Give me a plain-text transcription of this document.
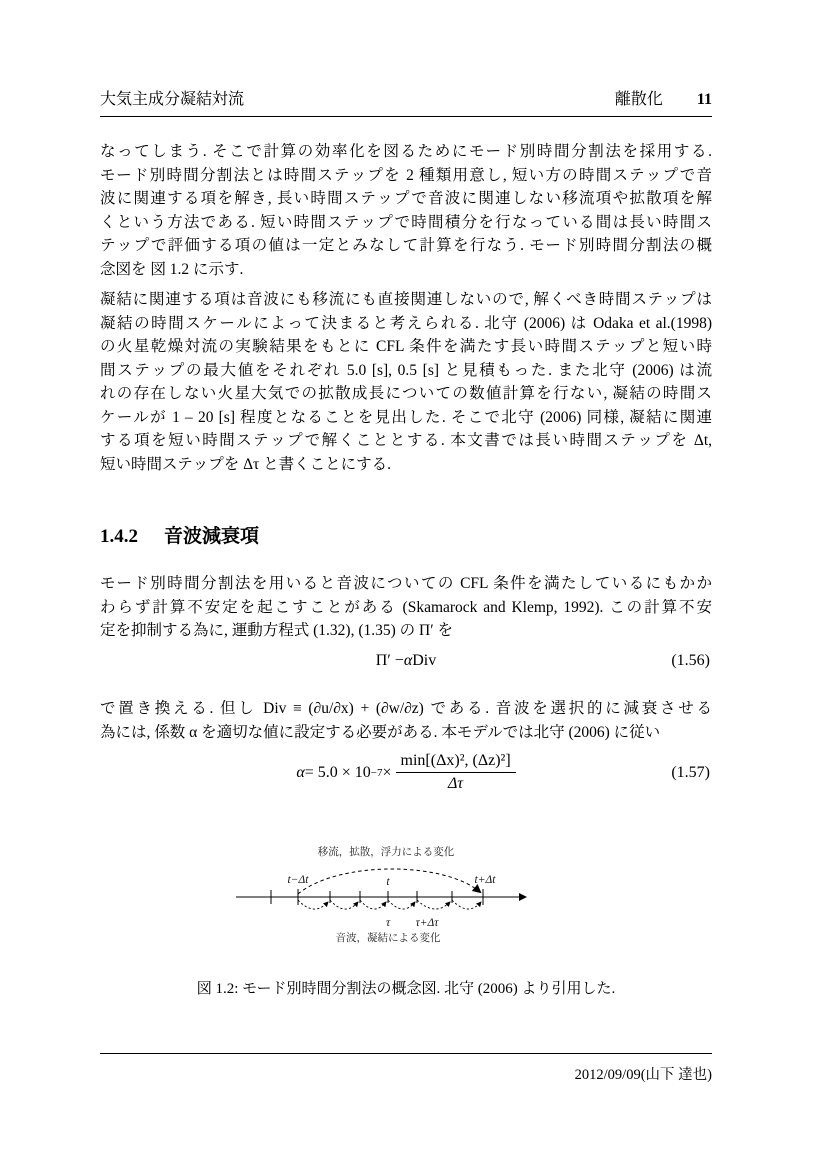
大気主成分凝結対流	離散化 11
なってしまう. そこで計算の効率化を図るためにモード別時間分割法を採用する.
モード別時間分割法とは時間ステップを 2 種類用意し, 短い方の時間ステップで音
波に関連する項を解き, 長い時間ステップで音波に関連しない移流項や拡散項を解
くという方法である. 短い時間ステップで時間積分を行なっている間は長い時間ス
テップで評価する項の値は一定とみなして計算を行なう. モード別時間分割法の概
念図を 図 1.2 に示す.
凝結に関連する項は音波にも移流にも直接関連しないので, 解くべき時間ステップは
凝結の時間スケールによって決まると考えられる. 北守 (2006) は Odaka et al.(1998)
の火星乾燥対流の実験結果をもとに CFL 条件を満たす長い時間ステップと短い時
間ステップの最大値をそれぞれ 5.0 [s], 0.5 [s] と見積もった. また北守 (2006) は流
れの存在しない火星大気での拡散成長についての数値計算を行ない, 凝結の時間ス
ケールが 1 – 20 [s] 程度となることを見出した. そこで北守 (2006) 同様, 凝結に関連
する項を短い時間ステップで解くこととする. 本文書では長い時間ステップを Δt,
短い時間ステップを Δτ と書くことにする.
1.4.2 音波減衰項
モード別時間分割法を用いると音波についての CFL 条件を満たしているにもかか
わらず計算不安定を起こすことがある (Skamarock and Klemp, 1992). この計算不安
定を抑制する為に, 運動方程式 (1.32), (1.35) の Π′ を
Π′ − α Div	(1.56)
で置き換える. 但し Div ≡ (∂u/∂x) + (∂w/∂z) である. 音波を選択的に減衰させる
為には, 係数 α を適切な値に設定する必要がある. 本モデルでは北守 (2006) に従い
$\alpha = 5.0 \times 10 -7 \times \frac{\text{min[(Δx)², (Δz)²]}}{\Delta\tau}$	(1.57)
移流，拡散，浮力による変化
t−Δt	t	t+Δt
τ τ+Δτ
音波，凝結による変化
図 1.2: モード別時間分割法の概念図. 北守 (2006) より引用した.
2012/09/09(山下 達也)
